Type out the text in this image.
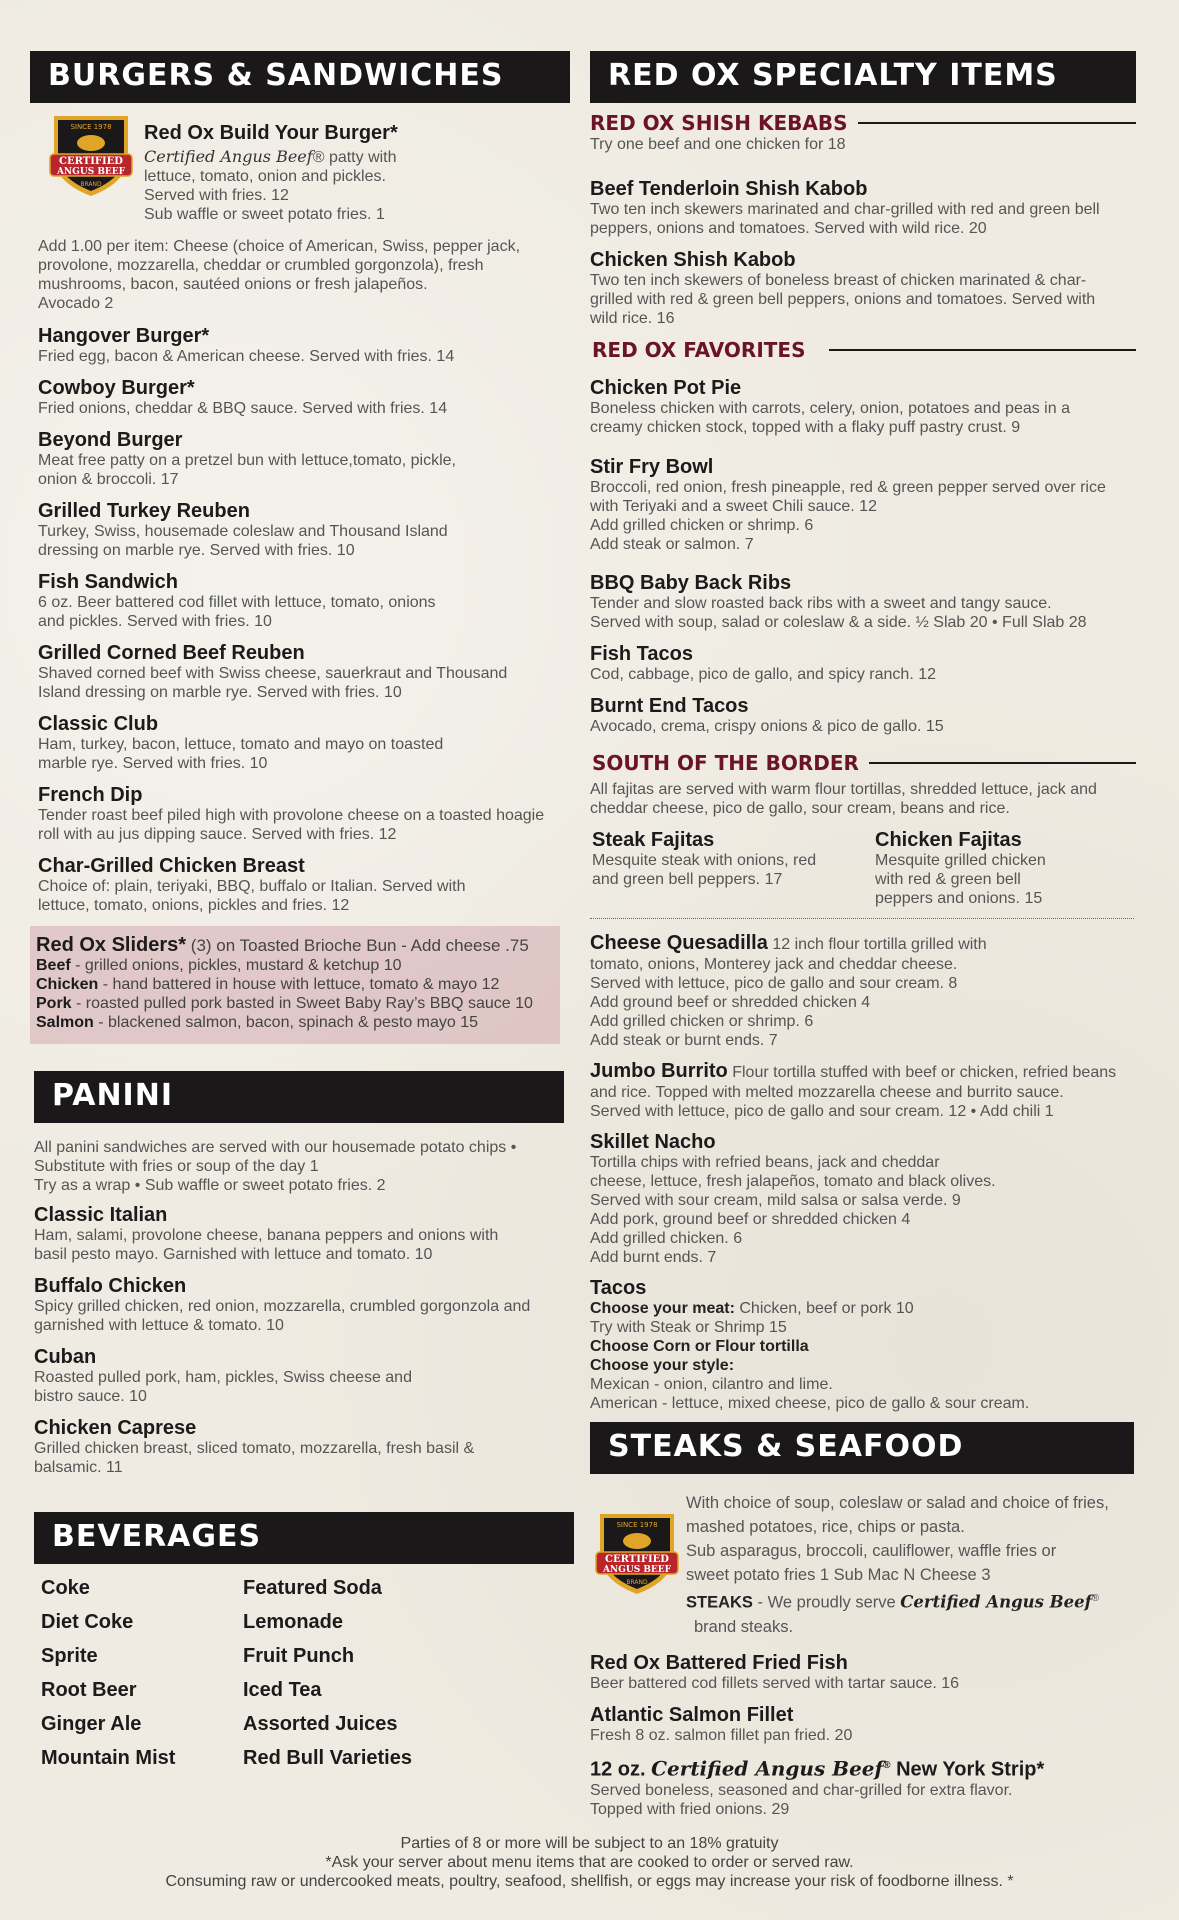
BURGERS & SANDWICHES
SINCE 1978
CERTIFIED
ANGUS BEEF
BRAND
Red Ox Build Your Burger*
Certified Angus Beef® patty with
lettuce, tomato, onion and pickles.
Served with fries. 12
Sub waffle or sweet potato fries. 1
Add 1.00 per item: Cheese (choice of American, Swiss, pepper jack, provolone, mozzarella, cheddar or crumbled gorgonzola), fresh mushrooms, bacon, sautéed onions or fresh jalapeños.
Avocado 2
Hangover Burger*
Fried egg, bacon & American cheese. Served with fries. 14
Cowboy Burger*
Fried onions, cheddar & BBQ sauce. Served with fries. 14
Beyond Burger
Meat free patty on a pretzel bun with lettuce,tomato, pickle, onion & broccoli. 17
Grilled Turkey Reuben
Turkey, Swiss, housemade coleslaw and Thousand Island dressing on marble rye. Served with fries. 10
Fish Sandwich
6 oz. Beer battered cod fillet with lettuce, tomato, onions and pickles. Served with fries. 10
Grilled Corned Beef Reuben
Shaved corned beef with Swiss cheese, sauerkraut and Thousand Island dressing on marble rye. Served with fries. 10
Classic Club
Ham, turkey, bacon, lettuce, tomato and mayo on toasted marble rye. Served with fries. 10
French Dip
Tender roast beef piled high with provolone cheese on a toasted hoagie roll with au jus dipping sauce. Served with fries. 12
Char-Grilled Chicken Breast
Choice of: plain, teriyaki, BBQ, buffalo or Italian. Served with lettuce, tomato, onions, pickles and fries. 12
Red Ox Sliders* (3) on Toasted Brioche Bun - Add cheese .75
Beef - grilled onions, pickles, mustard & ketchup 10
Chicken - hand battered in house with lettuce, tomato & mayo 12
Pork - roasted pulled pork basted in Sweet Baby Ray’s BBQ sauce 10
Salmon - blackened salmon, bacon, spinach & pesto mayo 15
PANINI
All panini sandwiches are served with our housemade potato chips • Substitute with fries or soup of the day 1
Try as a wrap • Sub waffle or sweet potato fries. 2
Classic Italian
Ham, salami, provolone cheese, banana peppers and onions with basil pesto mayo. Garnished with lettuce and tomato. 10
Buffalo Chicken
Spicy grilled chicken, red onion, mozzarella, crumbled gorgonzola and garnished with lettuce & tomato. 10
Cuban
Roasted pulled pork, ham, pickles, Swiss cheese and bistro sauce. 10
Chicken Caprese
Grilled chicken breast, sliced tomato, mozzarella, fresh basil & balsamic. 11
BEVERAGES
Coke
Diet Coke
Sprite
Root Beer
Ginger Ale
Mountain Mist
Featured Soda
Lemonade
Fruit Punch
Iced Tea
Assorted Juices
Red Bull Varieties
RED OX SPECIALTY ITEMS
RED OX SHISH KEBABS
Try one beef and one chicken for 18
Beef Tenderloin Shish Kabob
Two ten inch skewers marinated and char-grilled with red and green bell peppers, onions and tomatoes. Served with wild rice. 20
Chicken Shish Kabob
Two ten inch skewers of boneless breast of chicken marinated & char-grilled with red & green bell peppers, onions and tomatoes. Served with wild rice. 16
RED OX FAVORITES
Chicken Pot Pie
Boneless chicken with carrots, celery, onion, potatoes and peas in a creamy chicken stock, topped with a flaky puff pastry crust. 9
Stir Fry Bowl
Broccoli, red onion, fresh pineapple, red & green pepper served over rice with Teriyaki and a sweet Chili sauce. 12
Add grilled chicken or shrimp. 6
Add steak or salmon. 7
BBQ Baby Back Ribs
Tender and slow roasted back ribs with a sweet and tangy sauce.
Served with soup, salad or coleslaw & a side. ½ Slab 20 • Full Slab 28
Fish Tacos
Cod, cabbage, pico de gallo, and spicy ranch. 12
Burnt End Tacos
Avocado, crema, crispy onions & pico de gallo. 15
SOUTH OF THE BORDER
All fajitas are served with warm flour tortillas, shredded lettuce, jack and cheddar cheese, pico de gallo, sour cream, beans and rice.
Steak Fajitas
Mesquite steak with onions, red and green bell peppers. 17
Chicken Fajitas
Mesquite grilled chicken with red & green bell peppers and onions. 15
Cheese Quesadilla 12 inch flour tortilla grilled with
tomato, onions, Monterey jack and cheddar cheese.
Served with lettuce, pico de gallo and sour cream. 8
Add ground beef or shredded chicken 4
Add grilled chicken or shrimp. 6
Add steak or burnt ends. 7
Jumbo Burrito Flour tortilla stuffed with beef or chicken, refried beans
and rice. Topped with melted mozzarella cheese and burrito sauce.
Served with lettuce, pico de gallo and sour cream. 12 • Add chili 1
Skillet Nacho
Tortilla chips with refried beans, jack and cheddar
cheese, lettuce, fresh jalapeños, tomato and black olives.
Served with sour cream, mild salsa or salsa verde. 9
Add pork, ground beef or shredded chicken 4
Add grilled chicken. 6
Add burnt ends. 7
Tacos
Choose your meat: Chicken, beef or pork 10
Try with Steak or Shrimp 15
Choose Corn or Flour tortilla
Choose your style:
Mexican - onion, cilantro and lime.
American - lettuce, mixed cheese, pico de gallo & sour cream.
STEAKS & SEAFOOD
SINCE 1978
CERTIFIED
ANGUS BEEF
BRAND
With choice of soup, coleslaw or salad and choice of fries,
mashed potatoes, rice, chips or pasta.
Sub asparagus, broccoli, cauliflower, waffle fries or
sweet potato fries 1 Sub Mac N Cheese 3
STEAKS - We proudly serve Certified Angus Beef®
brand steaks.
Red Ox Battered Fried Fish
Beer battered cod fillets served with tartar sauce. 16
Atlantic Salmon Fillet
Fresh 8 oz. salmon fillet pan fried. 20
12 oz. Certified Angus Beef® New York Strip*
Served boneless, seasoned and char-grilled for extra flavor.
Topped with fried onions. 29
Parties of 8 or more will be subject to an 18% gratuity
*Ask your server about menu items that are cooked to order or served raw.
Consuming raw or undercooked meats, poultry, seafood, shellfish, or eggs may increase your risk of foodborne illness. *
